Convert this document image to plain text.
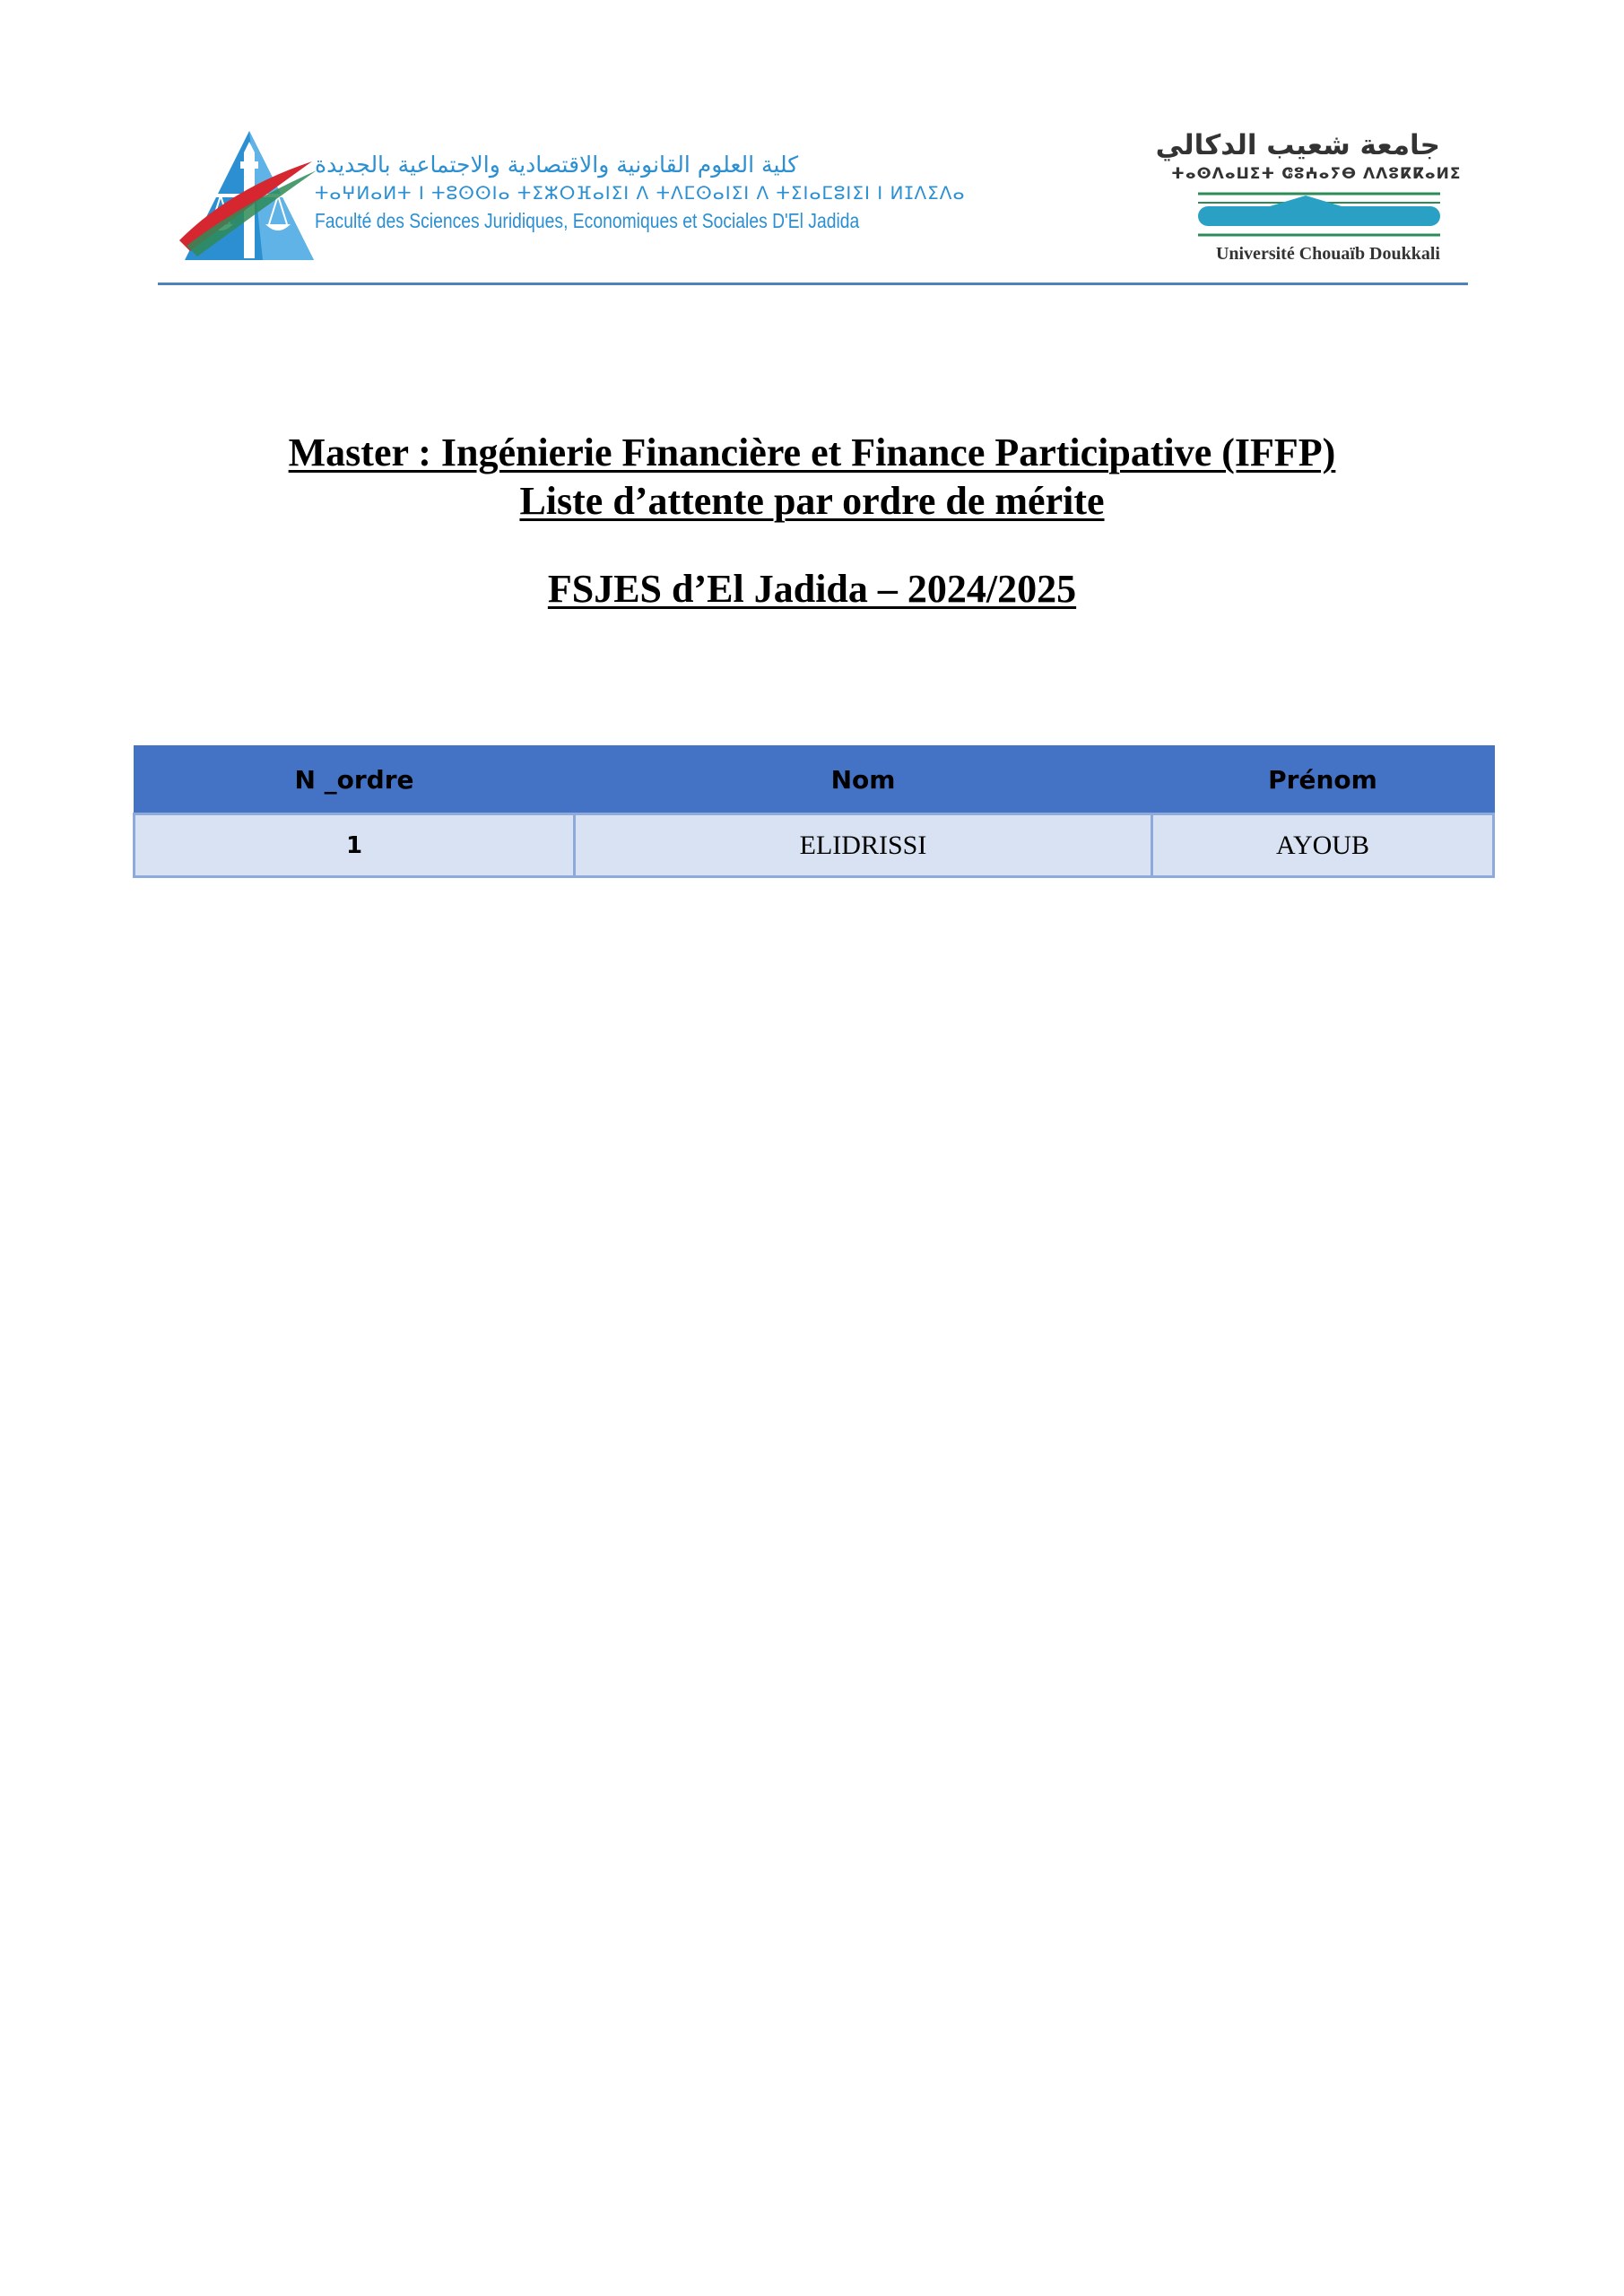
كلية العلوم القانونية والاقتصادية والاجتماعية بالجديدة
ⵜⴰⵖⵍⴰⵍⵜ ⵏ ⵜⵓⵙⵙⵏⴰ ⵜⵉⵣⵔⴼⴰⵏⵉⵏ ⴷ ⵜⴷⵎⵙⴰⵏⵉⵏ ⴷ ⵜⵉⵏⴰⵎⵓⵏⵉⵏ ⵏ ⵍⵊⴷⵉⴷⴰ
Faculté des Sciences Juridiques, Economiques et Sociales D'El Jadida
جامعة شعيب الدكالي
ⵜⴰⵙⴷⴰⵡⵉⵜ ⵛⵓⵄⴰⵢⴱ ⴷⴷⵓⴽⴽⴰⵍⵉ
Université Chouaïb Doukkali

Master : Ingénierie Financière et Finance Participative (IFFP)

Liste d’attente par ordre de mérite

FSJES d’El Jadida – 2024/2025

N _ordre	Nom	Prénom
1	ELIDRISSI	AYOUB
